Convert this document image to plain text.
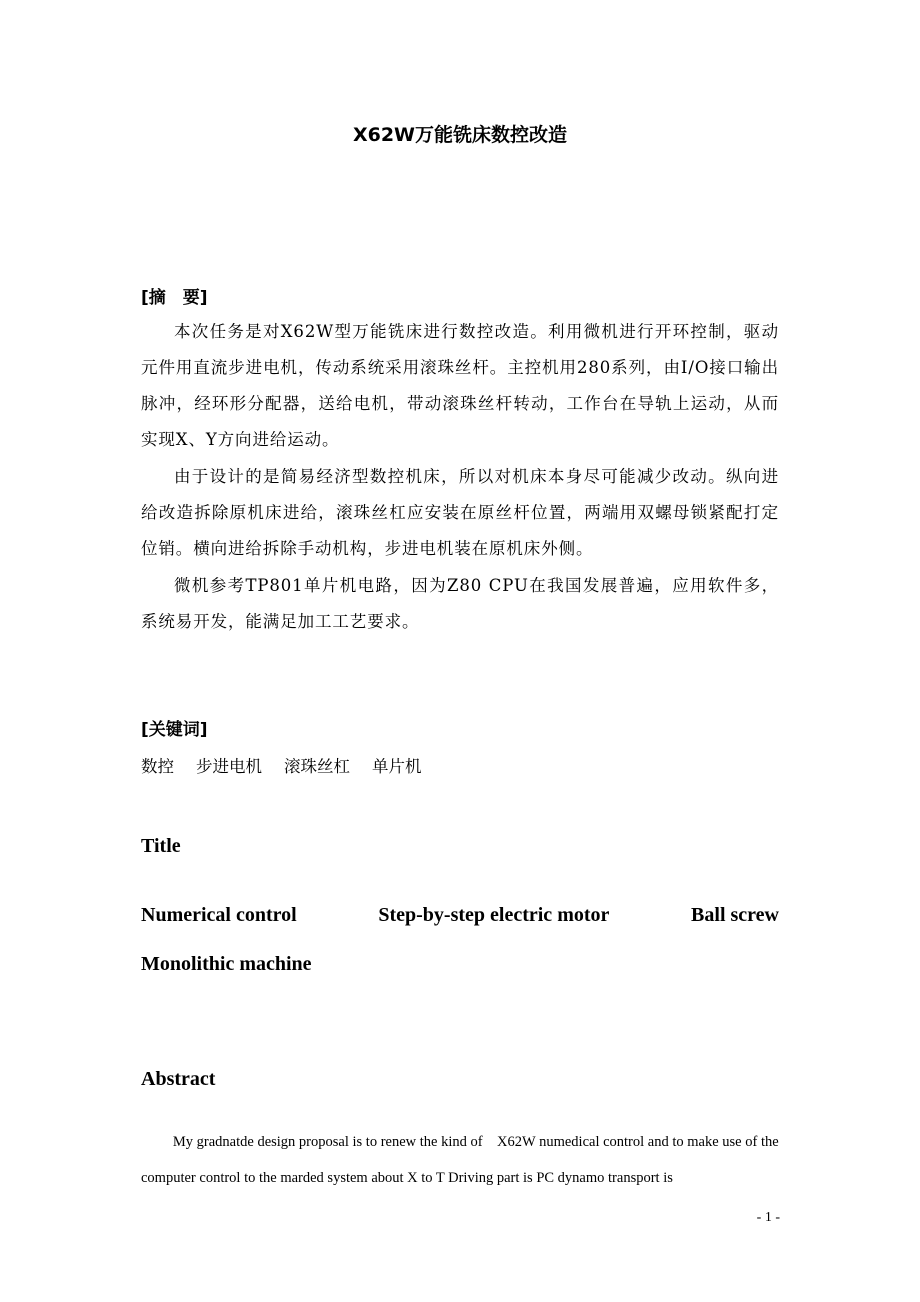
X62W万能铣床数控改造
[摘　要]

本次任务是对X62W型万能铣床进行数控改造。利用微机进行开环控制，驱动元件用直流步进电机，传动系统采用滚珠丝杆。主控机用280系列，由I/O接口输出脉冲，经环形分配器，送给电机，带动滚珠丝杆转动，工作台在导轨上运动，从而实现X、Y方向进给运动。

由于设计的是简易经济型数控机床，所以对机床本身尽可能减少改动。纵向进给改造拆除原机床进给，滚珠丝杠应安装在原丝杆位置，两端用双螺母锁紧配打定位销。横向进给拆除手动机构，步进电机装在原机床外侧。

微机参考TP801单片机电路，因为Z80 CPU在我国发展普遍，应用软件多，系统易开发，能满足加工工艺要求。

[关键词]
数控 步进电机 滚珠丝杠 单片机
Title
Numerical control	Step-by-step electric motor	Ball screw
Monolithic machine
Abstract

My gradnatde design proposal is to renew the kind of　X62W numedical control and to make use of the computer control to the marded system about X to T Driving part is PC dynamo transport is

- 1 -
